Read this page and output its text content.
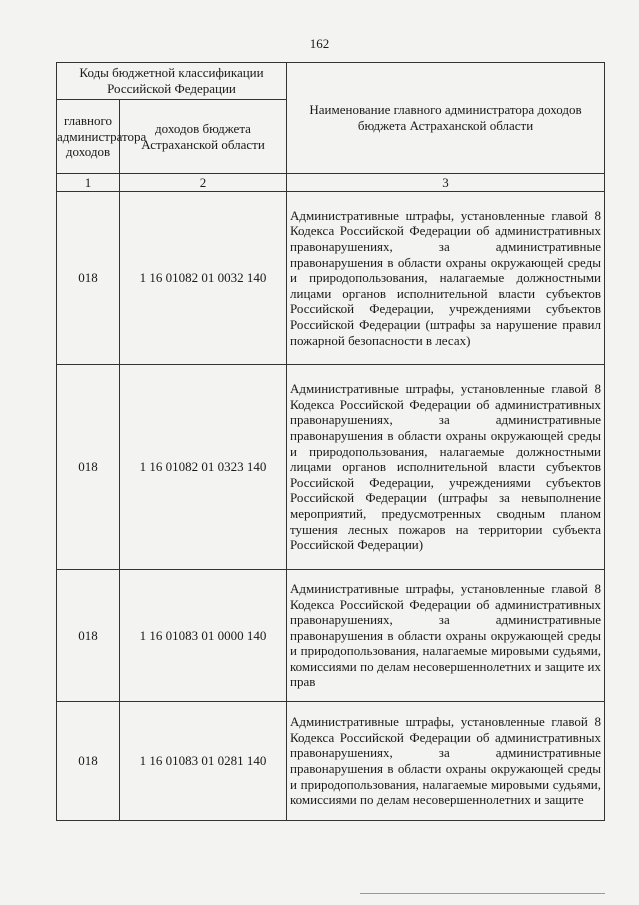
162
Коды бюджетной классификации Российской Федерации		Наименование главного администратора доходов бюджета Астраханской области
главного администратора доходов	доходов бюджета Астраханской области	
1	2	3
018	1 16 01082 01 0032 140	Административные штрафы, установленные главой 8 Кодекса Российской Федерации об административных правонарушениях, за административные правонарушения в области охраны окружающей среды и природопользования, налагаемые должностными лицами органов исполнительной власти субъектов Российской Федерации, учреждениями субъектов Российской Федерации (штрафы за нарушение правил пожарной безопасности в лесах)
018	1 16 01082 01 0323 140	Административные штрафы, установленные главой 8 Кодекса Российской Федерации об административных правонарушениях, за административные правонарушения в области охраны окружающей среды и природопользования, налагаемые должностными лицами органов исполнительной власти субъектов Российской Федерации, учреждениями субъектов Российской Федерации (штрафы за невыполнение мероприятий, предусмотренных сводным планом тушения лесных пожаров на территории субъекта Российской Федерации)
018	1 16 01083 01 0000 140	Административные штрафы, установленные главой 8 Кодекса Российской Федерации об административных правонарушениях, за административные правонарушения в области охраны окружающей среды и природопользования, налагаемые мировыми судьями, комиссиями по делам несовершеннолетних и защите их прав
018	1 16 01083 01 0281 140	Административные штрафы, установленные главой 8 Кодекса Российской Федерации об административных правонарушениях, за административные правонарушения в области охраны окружающей среды и природопользования, налагаемые мировыми судьями, комиссиями по делам несовершеннолетних и защите
